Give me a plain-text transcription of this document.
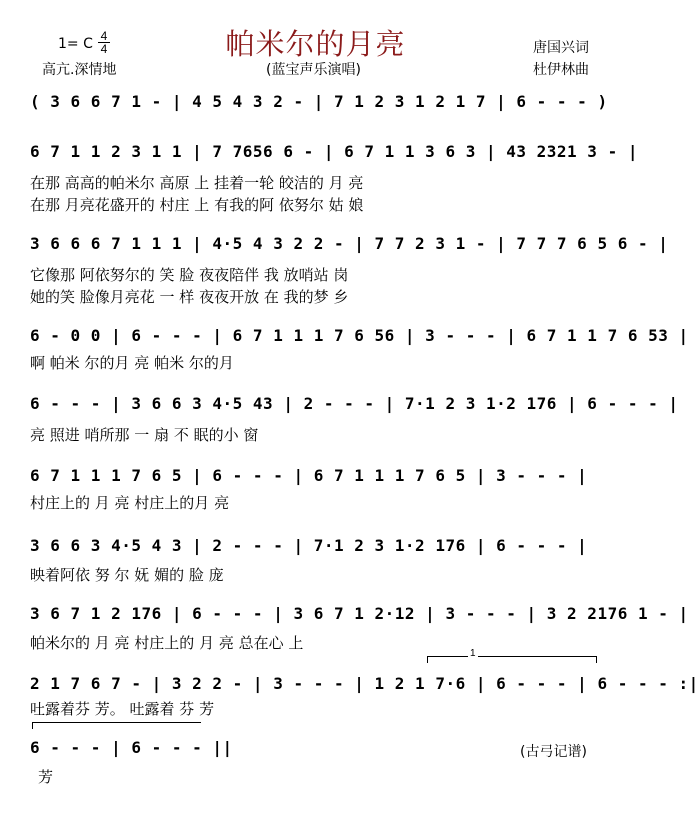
1= C 4
4	帕米尔的月亮	唐国兴词
高亢.深情地	(蓝宝声乐演唱)	杜伊林曲
( 3 6 6 7 1 - | 4 5 4 3 2 - | 7 1 2 3 1 2 1 7 | 6 - - - )
6 7 1 1 2 3 1 1 | 7 7656 6 - | 6 7 1 1 3 6 3 | 43 2321 3 - |
在那 高高的帕米尔 高原 上 挂着一轮 皎洁的 月 亮
在那 月亮花盛开的 村庄 上 有我的阿 依努尔 姑 娘
3 6 6 6 7 1 1 1 | 4·5 4 3 2 2 - | 7 7 2 3 1 - | 7 7 7 6 5 6 - |
它像那 阿依努尔的 笑 脸 夜夜陪伴 我 放哨站 岗
她的笑 脸像月亮花 一 样 夜夜开放 在 我的梦 乡
6 - 0 0 | 6 - - - | 6 7 1 1 1 7 6 56 | 3 - - - | 6 7 1 1 7 6 53 |
啊 帕米 尔的月 亮 帕米 尔的月
6 - - - | 3 6 6 3 4·5 43 | 2 - - - | 7·1 2 3 1·2 176 | 6 - - - |
亮 照进 哨所那 一 扇 不 眠的小 窗
6 7 1 1 1 7 6 5 | 6 - - - | 6 7 1 1 1 7 6 5 | 3 - - - |
村庄上的 月 亮 村庄上的月 亮
3 6 6 3 4·5 4 3 | 2 - - - | 7·1 2 3 1·2 176 | 6 - - - |
映着阿依 努 尔 妩 媚的 脸 庞
3 6 7 1 2 176 | 6 - - - | 3 6 7 1 2·12 | 3 - - - | 3 2 2176 1 - |
帕米尔的 月 亮 村庄上的 月 亮 总在心 上
1
2 1 7 6 7 - | 3 2 2 - | 3 - - - | 1 2 1 7·6 | 6 - - - | 6 - - - :|
吐露着芬 芳。 吐露着 芬 芳
6 - - - | 6 - - - ||
芳
(古弓记谱)
